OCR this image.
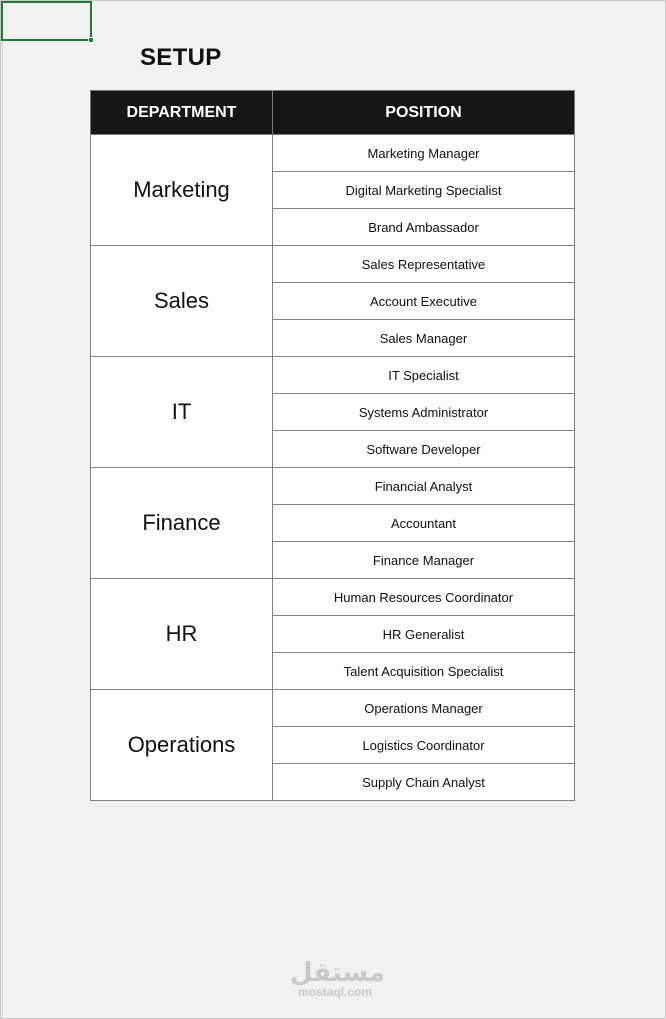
SETUP
DEPARTMENT	POSITION
Marketing	Marketing Manager
	Digital Marketing Specialist
	Brand Ambassador
Sales	Sales Representative
	Account Executive
	Sales Manager
IT	IT Specialist
	Systems Administrator
	Software Developer
Finance	Financial Analyst
	Accountant
	Finance Manager
HR	Human Resources Coordinator
	HR Generalist
	Talent Acquisition Specialist
Operations	Operations Manager
	Logistics Coordinator
	Supply Chain Analyst
مستقل
mostaql.com
